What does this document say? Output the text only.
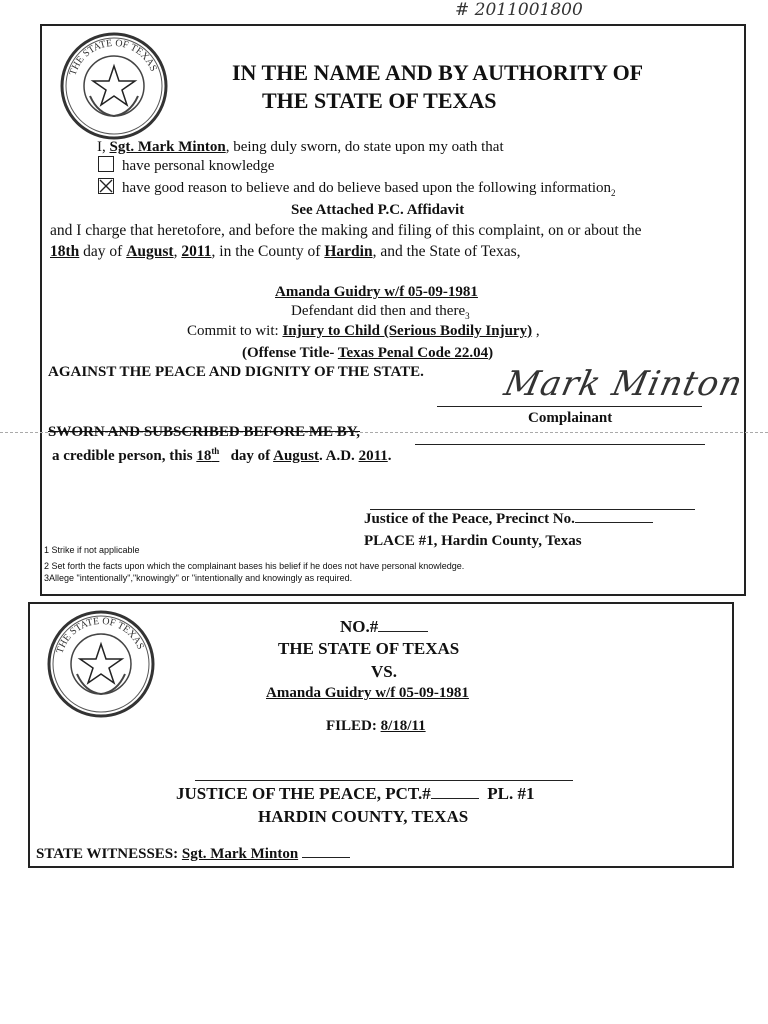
# 2011001800
THE STATE OF TEXAS	IN THE NAME AND BY AUTHORITY OF
THE STATE OF TEXAS
I, Sgt. Mark Minton, being duly sworn, do state upon my oath that
have personal knowledge
have good reason to believe and do believe based upon the following information$_2$
See Attached P.C. Affidavit
and I charge that heretofore, and before the making and filing of this complaint, on or about the
18th day of August, 2011, in the County of Hardin, and the State of Texas,
Amanda Guidry w/f 05-09-1981
Defendant did then and there$_3$
Commit to wit: Injury to Child (Serious Bodily Injury) ,
(Offense Title- Texas Penal Code 22.04)
AGAINST THE PEACE AND DIGNITY OF THE STATE. Mark Minton
Complainant
SWORN AND SUBSCRIBED BEFORE ME BY,
a credible person, this 18th day of August. A.D. 2011.
Justice of the Peace, Precinct No.
PLACE #1, Hardin County, Texas
1 Strike if not applicable
2 Set forth the facts upon which the complainant bases his belief if he does not have personal knowledge.
3Allege "intentionally","knowingly" or "intentionally and knowingly as required.
THE STATE OF TEXAS
NO.#
THE STATE OF TEXAS
VS.
Amanda Guidry w/f 05-09-1981
FILED: 8/18/11
JUSTICE OF THE PEACE, PCT.#	PL. #1
HARDIN COUNTY, TEXAS
STATE WITNESSES: Sgt. Mark Minton
